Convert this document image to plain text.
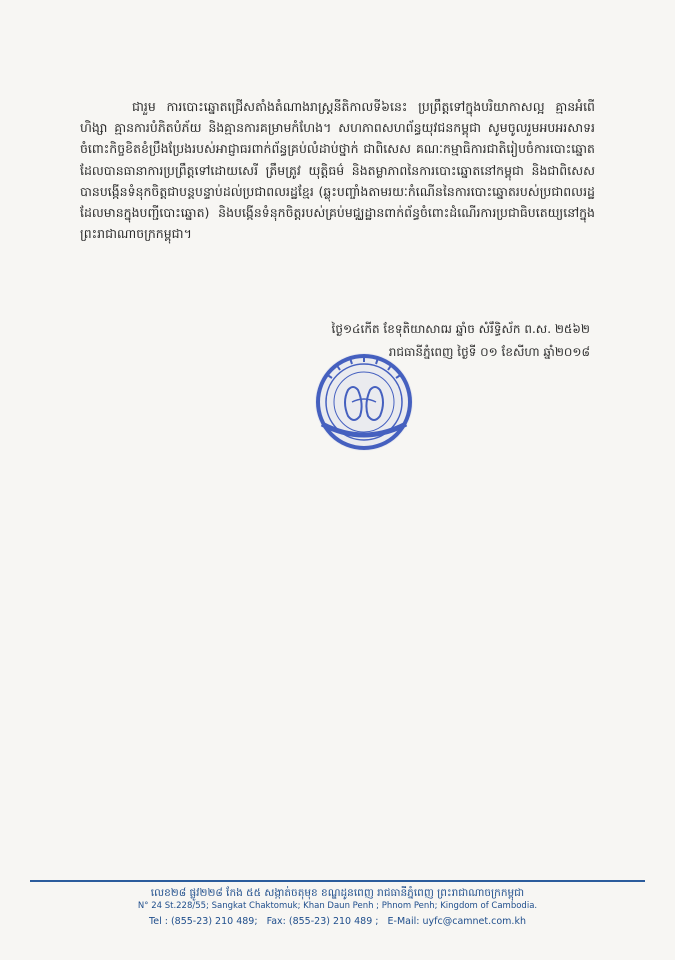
ជារួម ការបោះឆ្នោតជ្រើសតាំងតំណាងរាស្ត្រនីតិកាលទី៦នេះ ប្រព្រឹត្តទៅក្នុងបរិយាកាសល្អ គ្មានអំពើហិង្សា គ្មានការបំភិតបំភ័យ និងគ្មានការគម្រាមកំហែង។ សហភាពសហព័ន្ធយុវជនកម្ពុជា សូមចូលរួមអបអរសាទរចំពោះកិច្ចខិតខំប្រឹងប្រែងរបស់អាជ្ញាធរពាក់ព័ន្ធគ្រប់លំដាប់ថ្នាក់ ជាពិសេស គណៈកម្មាធិការជាតិរៀបចំការបោះឆ្នោត ដែលបានធានាការប្រព្រឹត្តទៅដោយសេរី ត្រឹមត្រូវ យុត្តិធម៌ និងតម្លាភាពនៃការបោះឆ្នោតនៅកម្ពុជា និងជាពិសេសបានបង្កើនទំនុកចិត្តជាបន្តបន្ទាប់ដល់ប្រជាពលរដ្ឋខ្មែរ (ឆ្លុះបញ្ចាំងតាមរយៈកំណើននៃការបោះឆ្នោតរបស់ប្រជាពលរដ្ឋដែលមានក្នុងបញ្ជីបោះឆ្នោត) និងបង្កើនទំនុកចិត្តរបស់គ្រប់មជ្ឈដ្ឋានពាក់ព័ន្ធចំពោះដំណើរការប្រជាធិបតេយ្យនៅក្នុងព្រះរាជាណាចក្រកម្ពុជា។

ថ្ងៃ១៤កើត ខែទុតិយាសាឍ ឆ្នាំច សំរឹទ្ធិស័ក ព.ស. ២៥៦២
រាជធានីភ្នំពេញ ថ្ងៃទី ០១ ខែសីហា ឆ្នាំ២០១៨
លេខ២៨ ផ្លូវ២២៨ កែង ៥៥ សង្កាត់ចតុមុខ ខណ្ឌដូនពេញ រាជធានីភ្នំពេញ ព្រះរាជាណាចក្រកម្ពុជា
N° 24 St.228/55; Sangkat Chaktomuk; Khan Daun Penh ; Phnom Penh; Kingdom of Cambodia.
Tel : (855-23) 210 489; Fax: (855-23) 210 489 ; E-Mail: uyfc@camnet.com.kh
